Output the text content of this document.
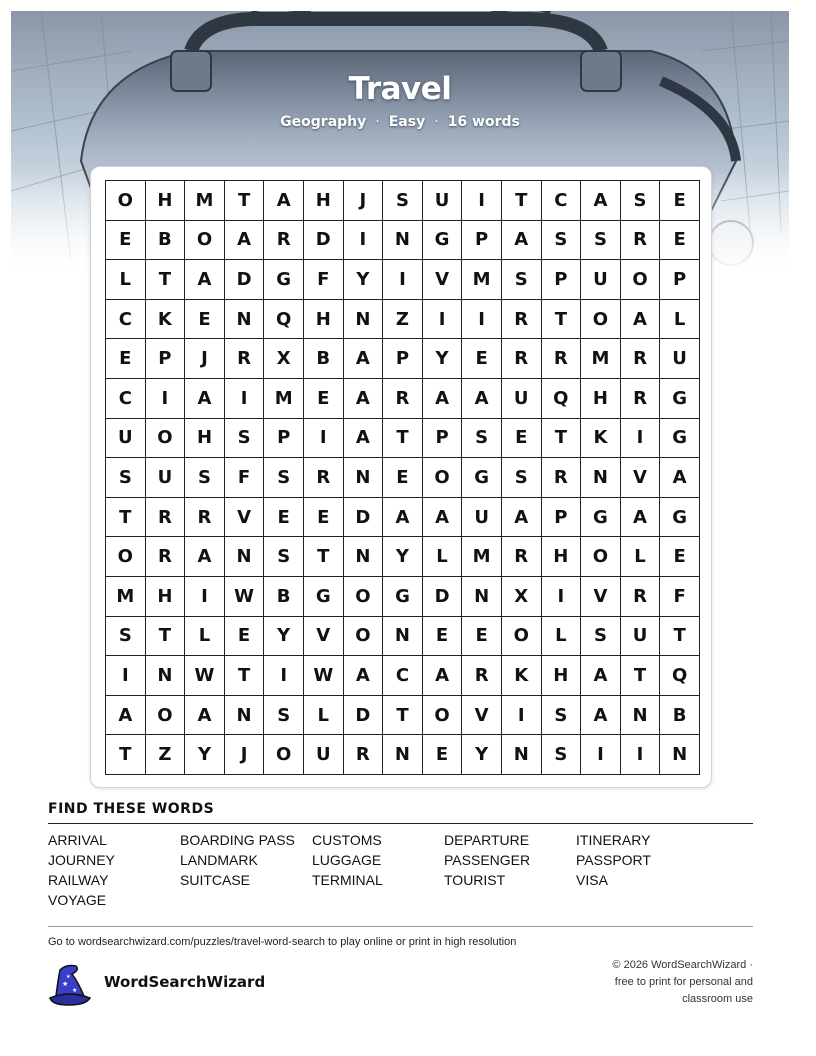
Travel
Geography · Easy · 16 words
O	H	M	T	A	H	J	S	U	I	T	C	A	S	E
E	B	O	A	R	D	I	N	G	P	A	S	S	R	E
L	T	A	D	G	F	Y	I	V	M	S	P	U	O	P
C	K	E	N	Q	H	N	Z	I	I	R	T	O	A	L
E	P	J	R	X	B	A	P	Y	E	R	R	M	R	U
C	I	A	I	M	E	A	R	A	A	U	Q	H	R	G
U	O	H	S	P	I	A	T	P	S	E	T	K	I	G
S	U	S	F	S	R	N	E	O	G	S	R	N	V	A
T	R	R	V	E	E	D	A	A	U	A	P	G	A	G
O	R	A	N	S	T	N	Y	L	M	R	H	O	L	E
M	H	I	W	B	G	O	G	D	N	X	I	V	R	F
S	T	L	E	Y	V	O	N	E	E	O	L	S	U	T
I	N	W	T	I	W	A	C	A	R	K	H	A	T	Q
A	O	A	N	S	L	D	T	O	V	I	S	A	N	B
T	Z	Y	J	O	U	R	N	E	Y	N	S	I	I	N
FIND THESE WORDS
ARRIVAL	BOARDING PASS	CUSTOMS	DEPARTURE	ITINERARY
JOURNEY	LANDMARK	LUGGAGE	PASSENGER	PASSPORT
RAILWAY	SUITCASE	TERMINAL	TOURIST	VISA
VOYAGE
Go to wordsearchwizard.com/puzzles/travel-word-search to play online or print in high resolution
★
★
★ WordSearchWizard
© 2026 WordSearchWizard ·
free to print for personal and
classroom use
